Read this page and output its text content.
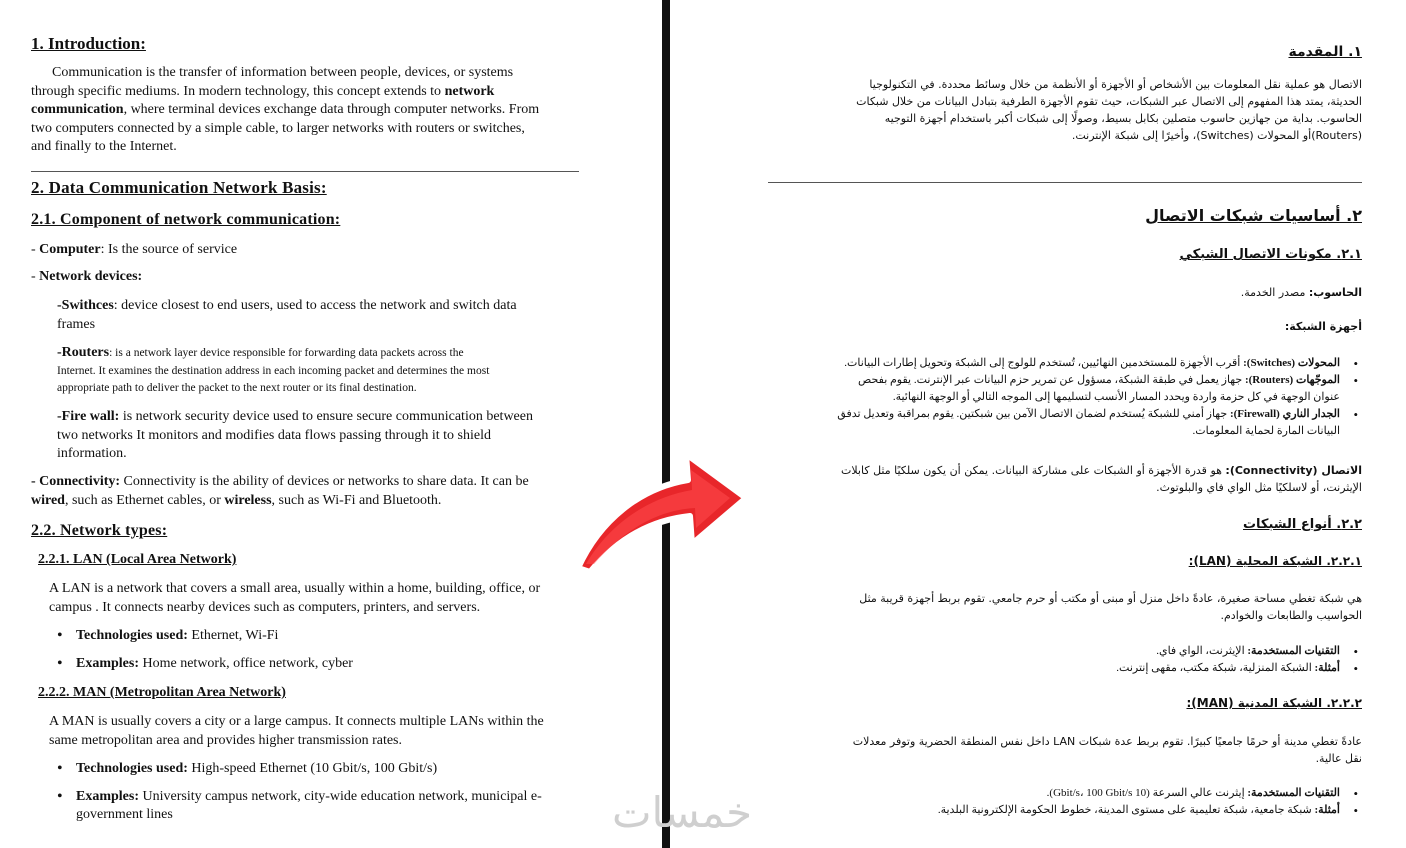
1. Introduction:
Communication is the transfer of information between people, devices, or systems
through specific mediums. In modern technology, this concept extends to network
communication, where terminal devices exchange data through computer networks. From
two computers connected by a simple cable, to larger networks with routers or switches,
and finally to the Internet.
2. Data Communication Network Basis:
2.1. Component of network communication:
- Computer: Is the source of service
- Network devices:
-Swithces: device closest to end users, used to access the network and switch data
frames
-Routers: is a network layer device responsible for forwarding data packets across the
Internet. It examines the destination address in each incoming packet and determines the most
appropriate path to deliver the packet to the next router or its final destination.
-Fire wall: is network security device used to ensure secure communication between
two networks It monitors and modifies data flows passing through it to shield
information.
- Connectivity: Connectivity is the ability of devices or networks to share data. It can be
wired, such as Ethernet cables, or wireless, such as Wi-Fi and Bluetooth.
2.2. Network types:
2.2.1. LAN (Local Area Network)
A LAN is a network that covers a small area, usually within a home, building, office, or
campus . It connects nearby devices such as computers, printers, and servers.
• Technologies used: Ethernet, Wi-Fi
• Examples: Home network, office network, cyber
2.2.2. MAN (Metropolitan Area Network)
A MAN is usually covers a city or a large campus. It connects multiple LANs within the
same metropolitan area and provides higher transmission rates.
• Technologies used: High-speed Ethernet (10 Gbit/s, 100 Gbit/s)
• Examples: University campus network, city-wide education network, municipal e-
government lines
١. المقدمة
الاتصال هو عملية نقل المعلومات بين الأشخاص أو الأجهزة أو الأنظمة من خلال وسائط محددة. في التكنولوجيا
الحديثة، يمتد هذا المفهوم إلى الاتصال عبر الشبكات، حيث تقوم الأجهزة الطرفية بتبادل البيانات من خلال شبكات
الحاسوب. بداية من جهازين حاسوب متصلين بكابل بسيط، وصولًا إلى شبكات أكبر باستخدام أجهزة التوجيه
(Routers)أو المحولات (Switches)، وأخيرًا إلى شبكة الإنترنت.
٢. أساسيات شبكات الاتصال
٢.١. مكونات الاتصال الشبكي
الحاسوب: مصدر الخدمة.
أجهزة الشبكة:
• المحولات (Switches): أقرب الأجهزة للمستخدمين النهائيين، تُستخدم للولوج إلى الشبكة وتحويل إطارات البيانات.
• الموجّهات (Routers): جهاز يعمل في طبقة الشبكة، مسؤول عن تمرير حزم البيانات عبر الإنترنت. يقوم بفحص
عنوان الوجهة في كل حزمة واردة ويحدد المسار الأنسب لتسليمها إلى الموجه التالي أو الوجهة النهائية.
• الجدار الناري (Firewall): جهاز أمني للشبكة يُستخدم لضمان الاتصال الآمن بين شبكتين. يقوم بمراقبة وتعديل تدفق
البيانات المارة لحماية المعلومات.
الاتصال (Connectivity): هو قدرة الأجهزة أو الشبكات على مشاركة البيانات. يمكن أن يكون سلكيًا مثل كابلات
الإيثرنت، أو لاسلكيًا مثل الواي فاي والبلوتوث.
٢.٢. أنواع الشبكات
٢.٢.١. الشبكة المحلية (LAN):
هي شبكة تغطي مساحة صغيرة، عادةً داخل منزل أو مبنى أو مكتب أو حرم جامعي. تقوم بربط أجهزة قريبة مثل
الحواسيب والطابعات والخوادم.
• التقنيات المستخدمة: الإيثرنت، الواي فاي.
• أمثلة: الشبكة المنزلية، شبكة مكتب، مقهى إنترنت.
٢.٢.٢. الشبكة المدنية (MAN):
عادةً تغطي مدينة أو حرمًا جامعيًا كبيرًا. تقوم بربط عدة شبكات LAN داخل نفس المنطقة الحضرية وتوفر معدلات
نقل عالية.
• التقنيات المستخدمة: إيثرنت عالي السرعة (10 Gbit/s، 100 Gbit/s).
• أمثلة: شبكة جامعية، شبكة تعليمية على مستوى المدينة، خطوط الحكومة الإلكترونية البلدية.
خمسات
